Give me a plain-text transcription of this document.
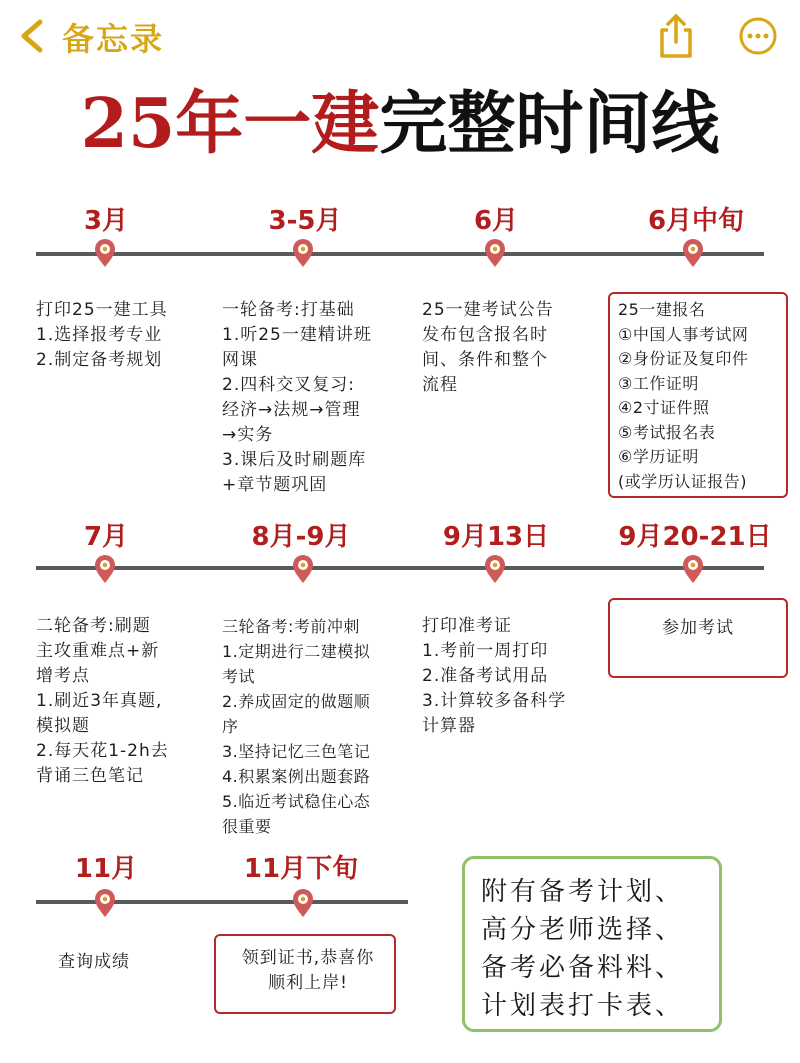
备忘录
25年一建完整时间线
3月	3-5月	6月	6月中旬
打印25一建工具
1.选择报考专业
2.制定备考规划
一轮备考:打基础
1.听25一建精讲班
网课
2.四科交叉复习:
经济→法规→管理
→实务
3.课后及时刷题库
+章节题巩固
25一建考试公告
发布包含报名时
间、条件和整个
流程
25一建报名
①中国人事考试网
②身份证及复印件
③工作证明
④2寸证件照
⑤考试报名表
⑥学历证明
(或学历认证报告)
7月	8月-9月	9月13日	9月20-21日
二轮备考:刷题
主攻重难点+新
增考点
1.刷近3年真题,
模拟题
2.每天花1-2h去
背诵三色笔记
三轮备考:考前冲刺
1.定期进行二建模拟
考试
2.养成固定的做题顺
序
3.坚持记忆三色笔记
4.积累案例出题套路
5.临近考试稳住心态
很重要
打印准考证
1.考前一周打印
2.准备考试用品
3.计算较多备科学
计算器
参加考试
11月	11月下旬
查询成绩	领到证书,恭喜你
顺利上岸!
附有备考计划、
高分老师选择、
备考必备料料、
计划表打卡表、
